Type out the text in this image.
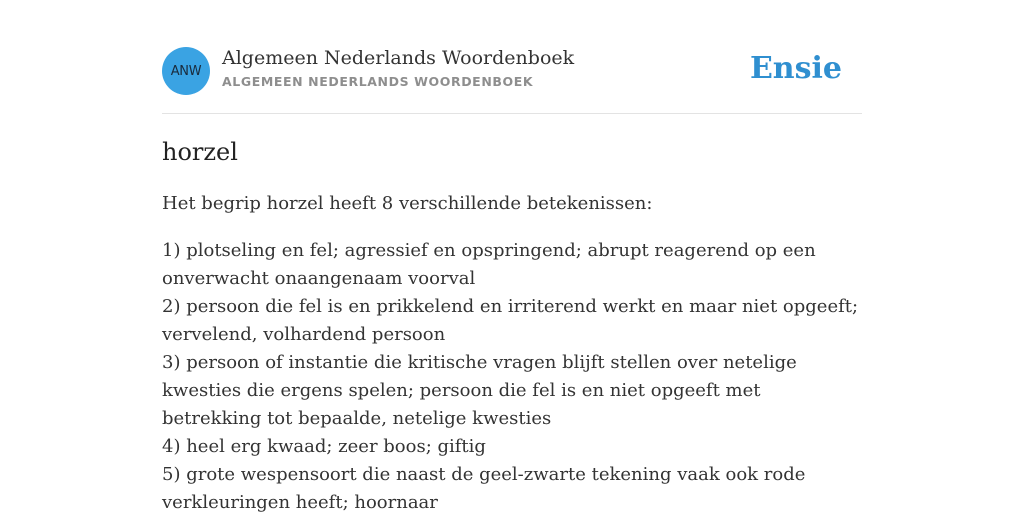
ANW
Algemeen Nederlands Woordenboek
ALGEMEEN NEDERLANDS WOORDENBOEK	Ensie
horzel

Het begrip horzel heeft 8 verschillende betekenissen:

1) plotseling en fel; agressief en opspringend; abrupt reagerend op een onverwacht onaangenaam voorval
2) persoon die fel is en prikkelend en irriterend werkt en maar niet opgeeft; vervelend, volhardend persoon
3) persoon of instantie die kritische vragen blijft stellen over netelige kwesties die ergens spelen; persoon die fel is en niet opgeeft met betrekking tot bepaalde, netelige kwesties
4) heel erg kwaad; zeer boos; giftig
5) grote wespensoort die naast de geel-zwarte tekening vaak ook rode verkleuringen heeft; hoornaar
